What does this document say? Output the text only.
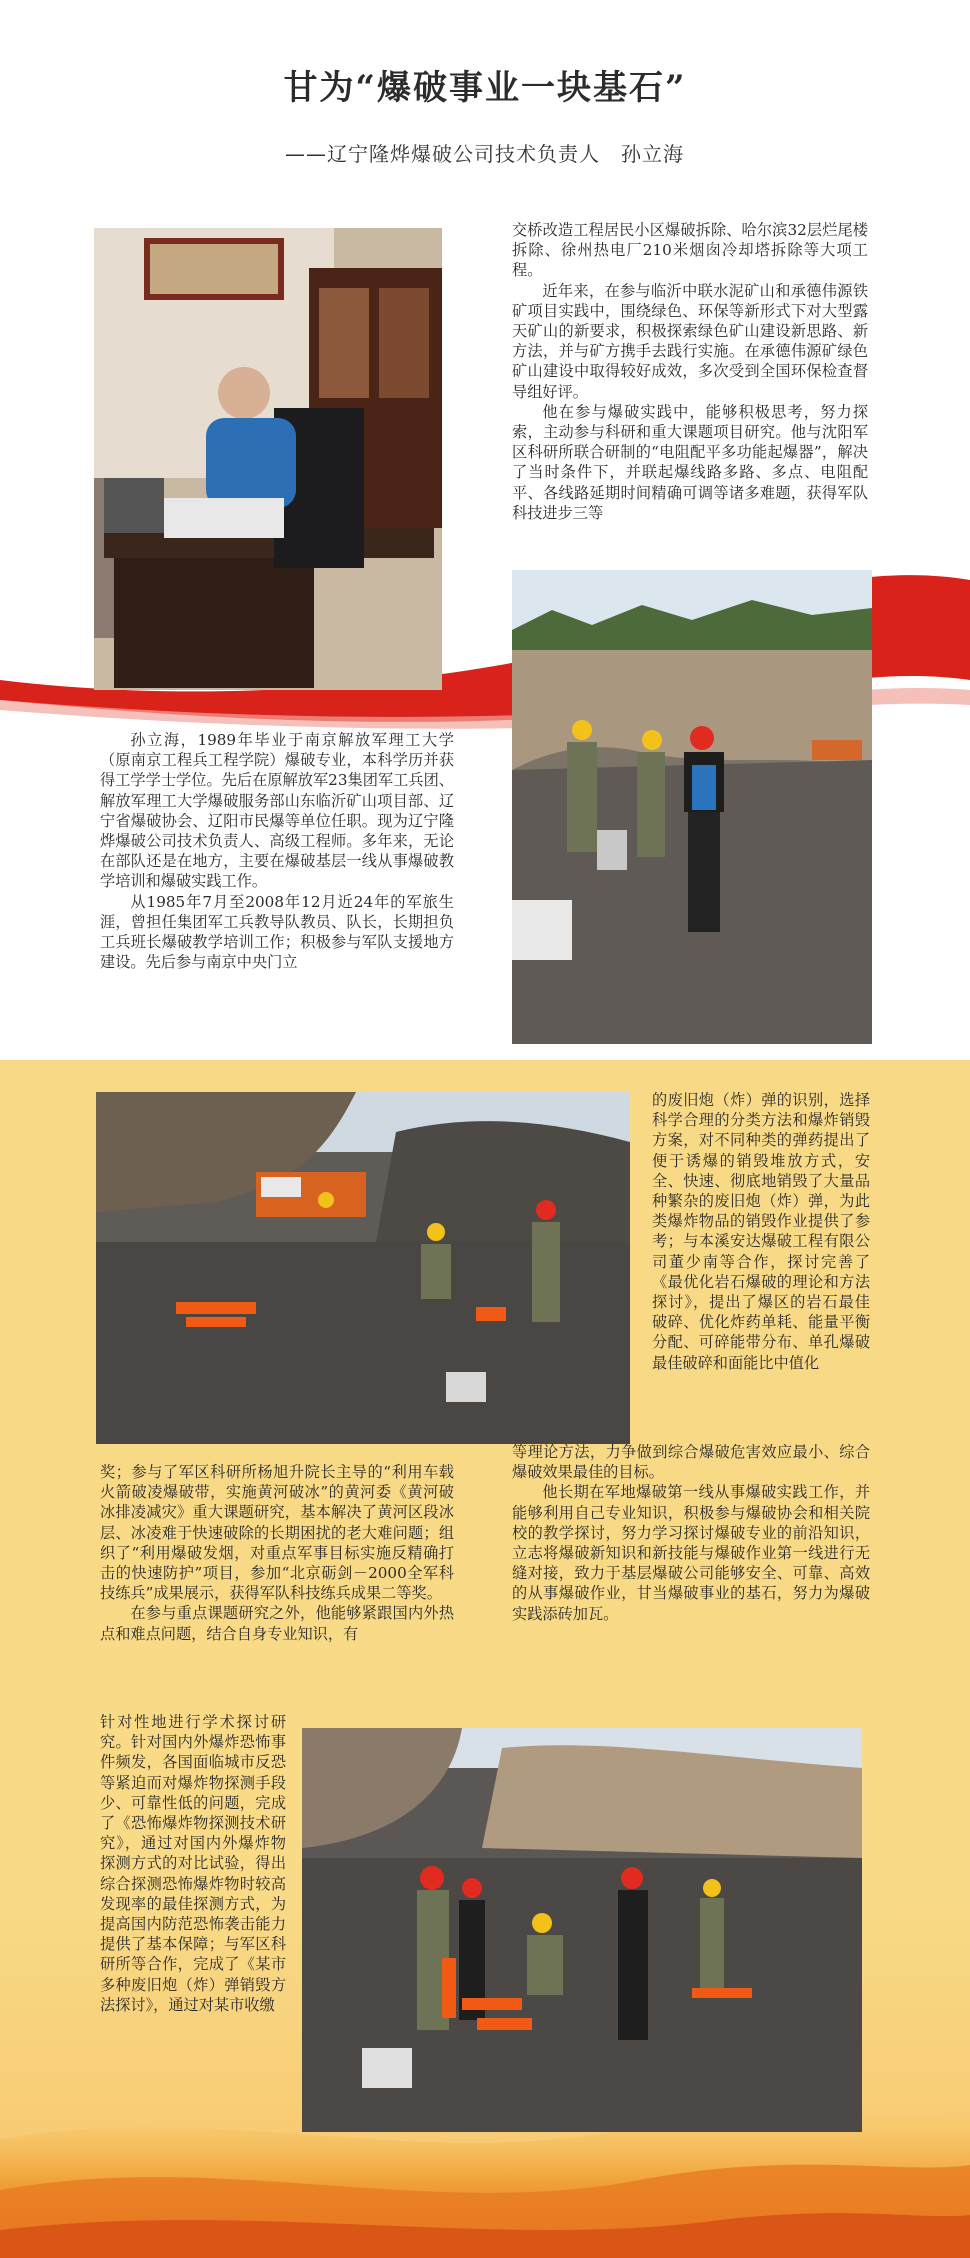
甘为“爆破事业一块基石”
——辽宁隆烨爆破公司技术负责人　孙立海

交桥改造工程居民小区爆破拆除、哈尔滨32层烂尾楼拆除、徐州热电厂210米烟囱冷却塔拆除等大项工程。

近年来，在参与临沂中联水泥矿山和承德伟源铁矿项目实践中，围绕绿色、环保等新形式下对大型露天矿山的新要求，积极探索绿色矿山建设新思路、新方法，并与矿方携手去践行实施。在承德伟源矿绿色矿山建设中取得较好成效，多次受到全国环保检查督导组好评。

他在参与爆破实践中，能够积极思考，努力探索，主动参与科研和重大课题项目研究。他与沈阳军区科研所联合研制的“电阻配平多功能起爆器”，解决了当时条件下，并联起爆线路多路、多点、电阻配平、各线路延期时间精确可调等诸多难题，获得军队科技进步三等

孙立海，1989年毕业于南京解放军理工大学（原南京工程兵工程学院）爆破专业，本科学历并获得工学学士学位。先后在原解放军23集团军工兵团、解放军理工大学爆破服务部山东临沂矿山项目部、辽宁省爆破协会、辽阳市民爆等单位任职。现为辽宁隆烨爆破公司技术负责人、高级工程师。多年来，无论在部队还是在地方，主要在爆破基层一线从事爆破教学培训和爆破实践工作。

从1985年7月至2008年12月近24年的军旅生涯，曾担任集团军工兵教导队教员、队长，长期担负工兵班长爆破教学培训工作；积极参与军队支援地方建设。先后参与南京中央门立

的废旧炮（炸）弹的识别，选择科学合理的分类方法和爆炸销毁方案，对不同种类的弹药提出了便于诱爆的销毁堆放方式，安全、快速、彻底地销毁了大量品种繁杂的废旧炮（炸）弹，为此类爆炸物品的销毁作业提供了参考；与本溪安达爆破工程有限公司董少南等合作，探讨完善了《最优化岩石爆破的理论和方法探讨》，提出了爆区的岩石最佳破碎、优化炸药单耗、能量平衡分配、可碎能带分布、单孔爆破最佳破碎和面能比中值化

奖；参与了军区科研所杨旭升院长主导的“利用车载火箭破凌爆破带，实施黄河破冰”的黄河委《黄河破冰排凌减灾》重大课题研究，基本解决了黄河区段冰层、冰凌难于快速破除的长期困扰的老大难问题；组织了“利用爆破发烟，对重点军事目标实施反精确打击的快速防护”项目，参加“北京砺剑－2000全军科技练兵”成果展示，获得军队科技练兵成果二等奖。

在参与重点课题研究之外，他能够紧跟国内外热点和难点问题，结合自身专业知识，有

等理论方法，力争做到综合爆破危害效应最小、综合爆破效果最佳的目标。

他长期在军地爆破第一线从事爆破实践工作，并能够利用自己专业知识，积极参与爆破协会和相关院校的教学探讨，努力学习探讨爆破专业的前沿知识，立志将爆破新知识和新技能与爆破作业第一线进行无缝对接，致力于基层爆破公司能够安全、可靠、高效的从事爆破作业，甘当爆破事业的基石，努力为爆破实践添砖加瓦。

针对性地进行学术探讨研究。针对国内外爆炸恐怖事件频发，各国面临城市反恐等紧迫而对爆炸物探测手段少、可靠性低的问题，完成了《恐怖爆炸物探测技术研究》，通过对国内外爆炸物探测方式的对比试验，得出综合探测恐怖爆炸物时较高发现率的最佳探测方式，为提高国内防范恐怖袭击能力提供了基本保障；与军区科研所等合作，完成了《某市多种废旧炮（炸）弹销毁方法探讨》，通过对某市收缴
